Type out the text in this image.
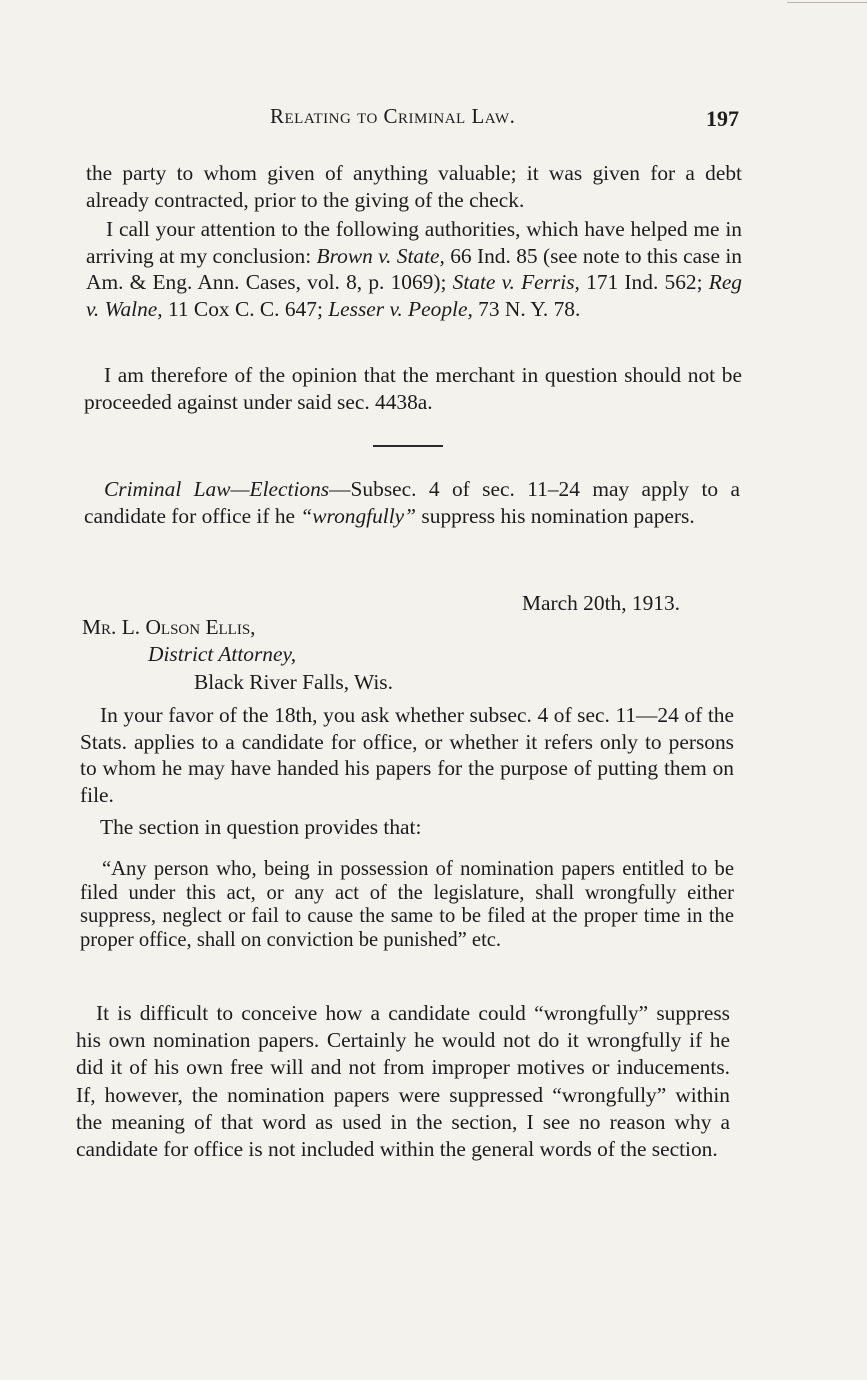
Relating to Criminal Law.	197

the party to whom given of anything valuable; it was given for a debt already contracted, prior to the giving of the check.

I call your attention to the following authorities, which have helped me in arriving at my conclusion: Brown v. State, 66 Ind. 85 (see note to this case in Am. & Eng. Ann. Cases, vol. 8, p. 1069); State v. Ferris, 171 Ind. 562; Reg v. Walne, 11 Cox C. C. 647; Lesser v. People, 73 N. Y. 78.

I am therefore of the opinion that the merchant in question should not be proceeded against under said sec. 4438a.

Criminal Law—Elections—Subsec. 4 of sec. 11–24 may apply to a candidate for office if he “wrongfully” suppress his nomination papers.

March 20th, 1913.
Mr. L. Olson Ellis,
District Attorney,
Black River Falls, Wis.

In your favor of the 18th, you ask whether subsec. 4 of sec. 11—24 of the Stats. applies to a candidate for office, or whether it refers only to persons to whom he may have handed his papers for the purpose of putting them on file.

The section in question provides that:

“Any person who, being in possession of nomination papers entitled to be filed under this act, or any act of the legislature, shall wrongfully either suppress, neglect or fail to cause the same to be filed at the proper time in the proper office, shall on conviction be punished” etc.

It is difficult to conceive how a candidate could “wrongfully” suppress his own nomination papers. Certainly he would not do it wrongfully if he did it of his own free will and not from improper motives or inducements. If, however, the nomination papers were suppressed “wrongfully” within the meaning of that word as used in the section, I see no reason why a candidate for office is not included within the general words of the section.
